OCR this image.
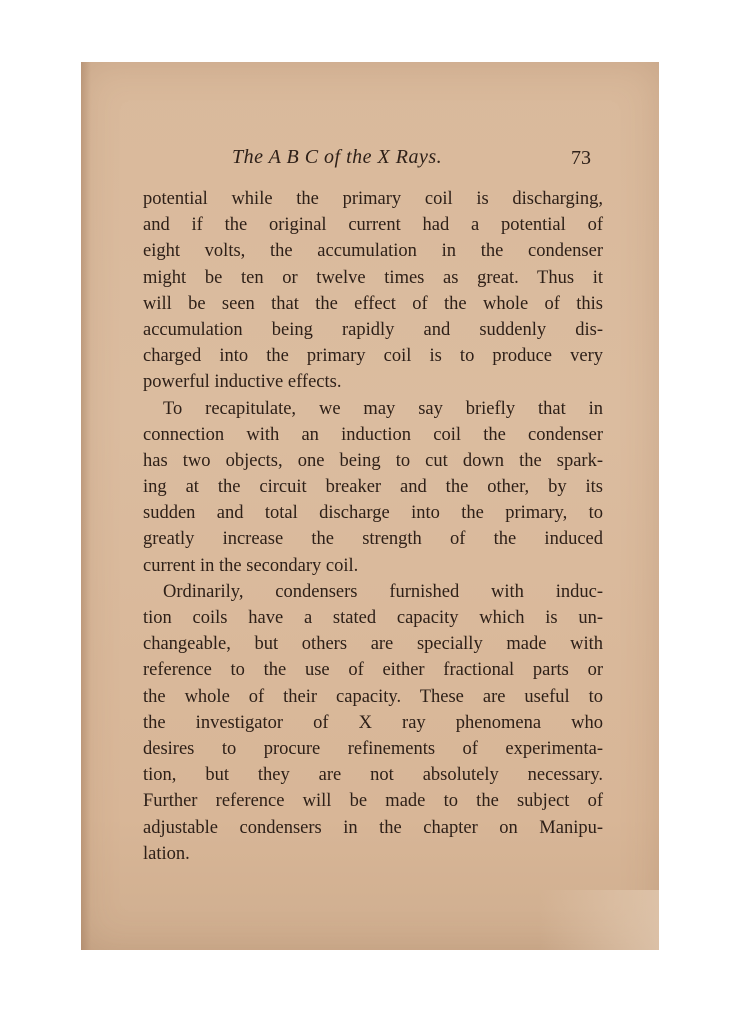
The A B C of the X Rays.	73
potential while the primary coil is discharging,
and if the original current had a potential of
eight volts, the accumulation in the condenser
might be ten or twelve times as great. Thus it
will be seen that the effect of the whole of this
accumulation being rapidly and suddenly dis-
charged into the primary coil is to produce very
powerful inductive effects.
To recapitulate, we may say briefly that in
connection with an induction coil the condenser
has two objects, one being to cut down the spark-
ing at the circuit breaker and the other, by its
sudden and total discharge into the primary, to
greatly increase the strength of the induced
current in the secondary coil.
Ordinarily, condensers furnished with induc-
tion coils have a stated capacity which is un-
changeable, but others are specially made with
reference to the use of either fractional parts or
the whole of their capacity. These are useful to
the investigator of X ray phenomena who
desires to procure refinements of experimenta-
tion, but they are not absolutely necessary.
Further reference will be made to the subject of
adjustable condensers in the chapter on Manipu-
lation.
